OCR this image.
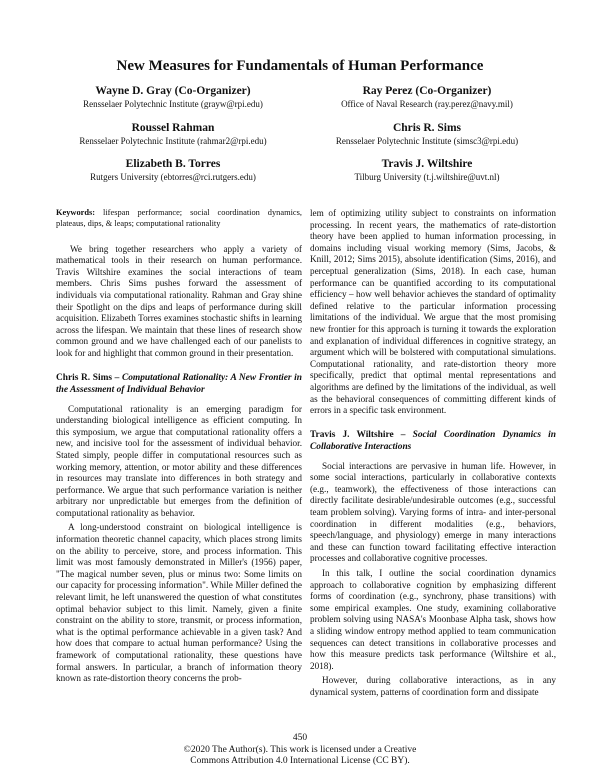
New Measures for Fundamentals of Human Performance
Wayne D. Gray (Co-Organizer)
Rensselaer Polytechnic Institute (grayw@rpi.edu)
Roussel Rahman
Rensselaer Polytechnic Institute (rahmar2@rpi.edu)
Elizabeth B. Torres
Rutgers University (ebtorres@rci.rutgers.edu)
Ray Perez (Co-Organizer)
Office of Naval Research (ray.perez@navy.mil)
Chris R. Sims
Rensselaer Polytechnic Institute (simsc3@rpi.edu)
Travis J. Wiltshire
Tilburg University (t.j.wiltshire@uvt.nl)

Keywords: lifespan performance; social coordination dynamics, plateaus, dips, & leaps; computational rationality

We bring together researchers who apply a variety of mathematical tools in their research on human performance. Travis Wiltshire examines the social interactions of team members. Chris Sims pushes forward the assessment of individuals via computational rationality. Rahman and Gray shine their Spotlight on the dips and leaps of performance during skill acquisition. Elizabeth Torres examines stochastic shifts in learning across the lifespan. We maintain that these lines of research show common ground and we have challenged each of our panelists to look for and highlight that common ground in their presentation.

Chris R. Sims – Computational Rationality: A New Frontier in the Assessment of Individual Behavior

Computational rationality is an emerging paradigm for understanding biological intelligence as efficient computing. In this symposium, we argue that computational rationality offers a new, and incisive tool for the assessment of individual behavior. Stated simply, people differ in computational resources such as working memory, attention, or motor ability and these differences in resources may translate into differences in both strategy and performance. We argue that such performance variation is neither arbitrary nor unpredictable but emerges from the definition of computational rationality as behavior.

A long-understood constraint on biological intelligence is information theoretic channel capacity, which places strong limits on the ability to perceive, store, and process information. This limit was most famously demonstrated in Miller's (1956) paper, "The magical number seven, plus or minus two: Some limits on our capacity for processing information". While Miller defined the relevant limit, he left unanswered the question of what constitutes optimal behavior subject to this limit. Namely, given a finite constraint on the ability to store, transmit, or process information, what is the optimal performance achievable in a given task? And how does that compare to actual human performance? Using the framework of computational rationality, these questions have formal answers. In particular, a branch of information theory known as rate-distortion theory concerns the prob-

lem of optimizing utility subject to constraints on information processing. In recent years, the mathematics of rate-distortion theory have been applied to human information processing, in domains including visual working memory (Sims, Jacobs, & Knill, 2012; Sims 2015), absolute identification (Sims, 2016), and perceptual generalization (Sims, 2018). In each case, human performance can be quantified according to its computational efficiency – how well behavior achieves the standard of optimality defined relative to the particular information processing limitations of the individual. We argue that the most promising new frontier for this approach is turning it towards the exploration and explanation of individual differences in cognitive strategy, an argument which will be bolstered with computational simulations. Computational rationality, and rate-distortion theory more specifically, predict that optimal mental representations and algorithms are defined by the limitations of the individual, as well as the behavioral consequences of committing different kinds of errors in a specific task environment.

Travis J. Wiltshire – Social Coordination Dynamics in Collaborative Interactions

Social interactions are pervasive in human life. However, in some social interactions, particularly in collaborative contexts (e.g., teamwork), the effectiveness of those interactions can directly facilitate desirable/undesirable outcomes (e.g., successful team problem solving). Varying forms of intra- and inter-personal coordination in different modalities (e.g., behaviors, speech/language, and physiology) emerge in many interactions and these can function toward facilitating effective interaction processes and collaborative cognitive processes.

In this talk, I outline the social coordination dynamics approach to collaborative cognition by emphasizing different forms of coordination (e.g., synchrony, phase transitions) with some empirical examples. One study, examining collaborative problem solving using NASA's Moonbase Alpha task, shows how a sliding window entropy method applied to team communication sequences can detect transitions in collaborative processes and how this measure predicts task performance (Wiltshire et al., 2018).

However, during collaborative interactions, as in any dynamical system, patterns of coordination form and dissipate

450
©2020 The Author(s). This work is licensed under a Creative
Commons Attribution 4.0 International License (CC BY).
